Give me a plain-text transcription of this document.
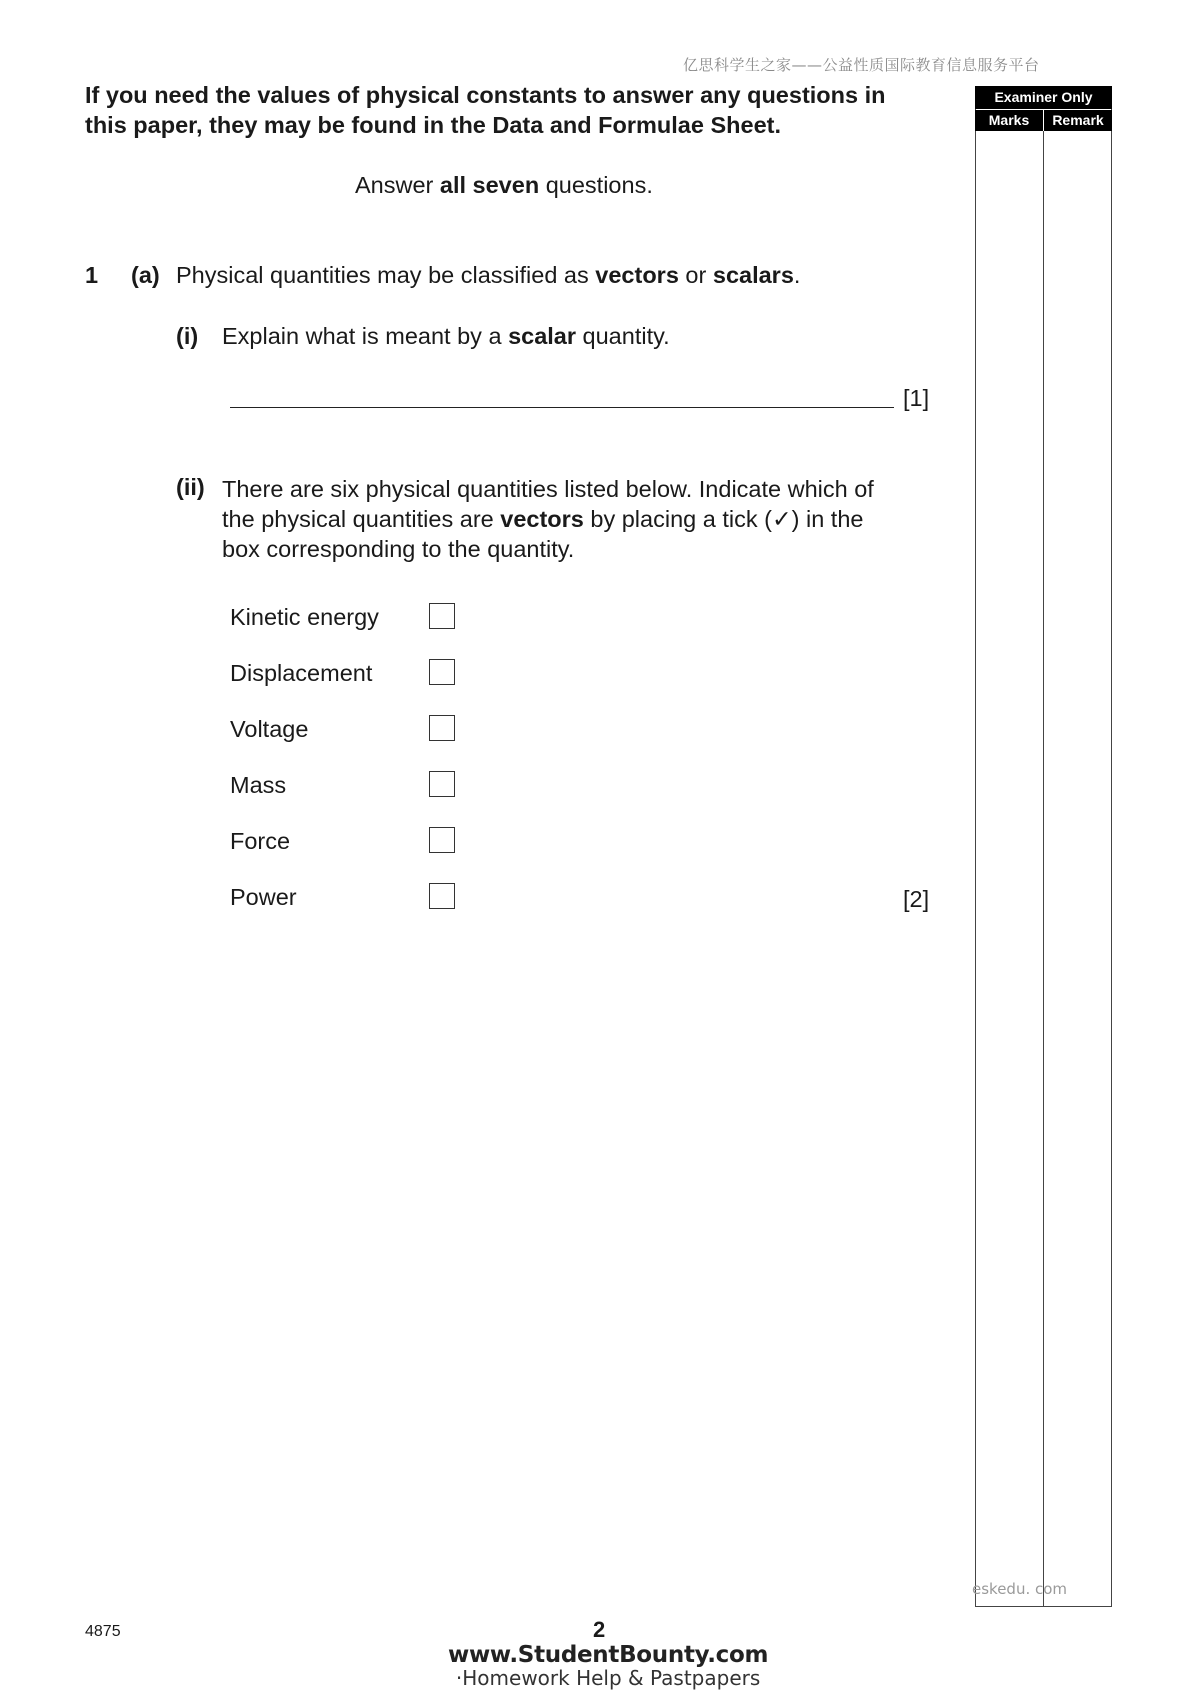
亿思科学生之家——公益性质国际教育信息服务平台
If you need the values of physical constants to answer any questions in
this paper, they may be found in the Data and Formulae Sheet.
Answer all seven questions.
1 (a) Physical quantities may be classified as vectors or scalars.
(i) Explain what is meant by a scalar quantity.
[1]
(ii) There are six physical quantities listed below. Indicate which of
the physical quantities are vectors by placing a tick (✓) in the
box corresponding to the quantity.
Kinetic energy
Displacement
Voltage
Mass
Force
Power	[2]
Examiner Only
Marks	Remark
eskedu. com
4875	2
www.StudentBounty.com
·Homework Help & Pastpapers
